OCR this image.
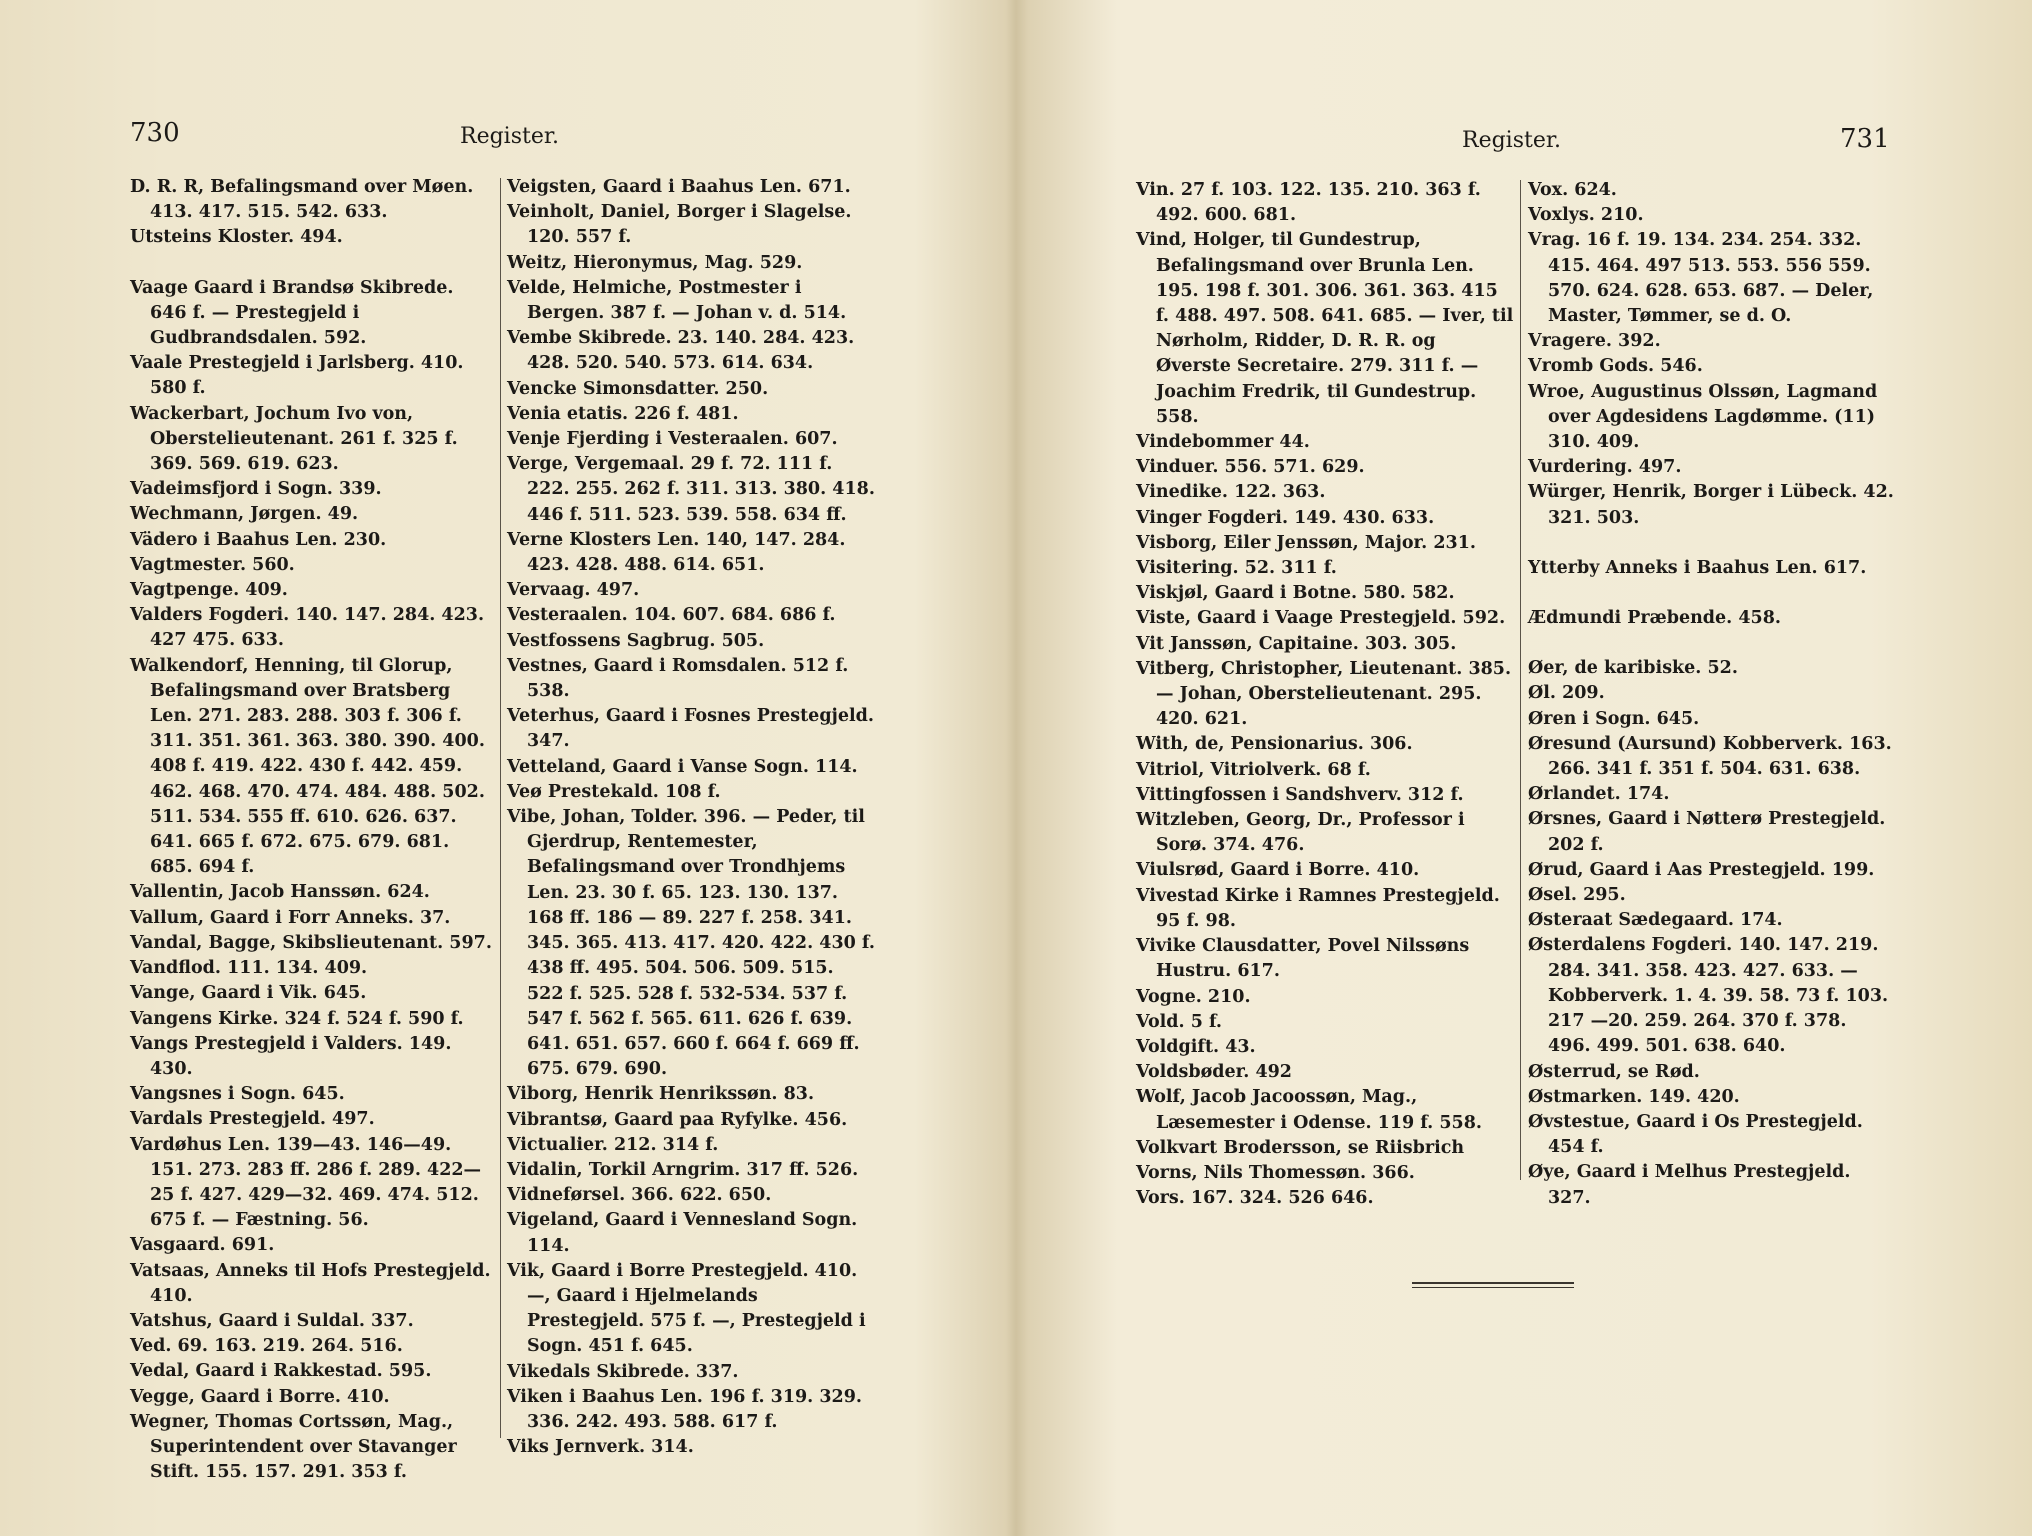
730	Register.
D. R. R, Befalingsmand over Møen. 413. 417. 515. 542. 633.
Utsteins Kloster. 494.
Vaage Gaard i Brandsø Skibrede. 646 f. — Prestegjeld i Gudbrandsdalen. 592.
Vaale Prestegjeld i Jarlsberg. 410. 580 f.
Wackerbart, Jochum Ivo von, Oberstelieutenant. 261 f. 325 f. 369. 569. 619. 623.
Vadeimsfjord i Sogn. 339.
Wechmann, Jørgen. 49.
Vädero i Baahus Len. 230.
Vagtmester. 560.
Vagtpenge. 409.
Valders Fogderi. 140. 147. 284. 423. 427 475. 633.
Walkendorf, Henning, til Glorup, Befalingsmand over Bratsberg Len. 271. 283. 288. 303 f. 306 f. 311. 351. 361. 363. 380. 390. 400. 408 f. 419. 422. 430 f. 442. 459. 462. 468. 470. 474. 484. 488. 502. 511. 534. 555 ff. 610. 626. 637. 641. 665 f. 672. 675. 679. 681. 685. 694 f.
Vallentin, Jacob Hanssøn. 624.
Vallum, Gaard i Forr Anneks. 37.
Vandal, Bagge, Skibslieutenant. 597.
Vandflod. 111. 134. 409.
Vange, Gaard i Vik. 645.
Vangens Kirke. 324 f. 524 f. 590 f.
Vangs Prestegjeld i Valders. 149. 430.
Vangsnes i Sogn. 645.
Vardals Prestegjeld. 497.
Vardøhus Len. 139—43. 146—49. 151. 273. 283 ff. 286 f. 289. 422—25 f. 427. 429—32. 469. 474. 512. 675 f. — Fæstning. 56.
Vasgaard. 691.
Vatsaas, Anneks til Hofs Prestegjeld. 410.
Vatshus, Gaard i Suldal. 337.
Ved. 69. 163. 219. 264. 516.
Vedal, Gaard i Rakkestad. 595.
Vegge, Gaard i Borre. 410.
Wegner, Thomas Cortssøn, Mag., Superintendent over Stavanger Stift. 155. 157. 291. 353 f.
Veigsten, Gaard i Baahus Len. 671.
Veinholt, Daniel, Borger i Slagelse. 120. 557 f.
Weitz, Hieronymus, Mag. 529.
Velde, Helmiche, Postmester i Bergen. 387 f. — Johan v. d. 514.
Vembe Skibrede. 23. 140. 284. 423. 428. 520. 540. 573. 614. 634.
Vencke Simonsdatter. 250.
Venia etatis. 226 f. 481.
Venje Fjerding i Vesteraalen. 607.
Verge, Vergemaal. 29 f. 72. 111 f. 222. 255. 262 f. 311. 313. 380. 418. 446 f. 511. 523. 539. 558. 634 ff.
Verne Klosters Len. 140, 147. 284. 423. 428. 488. 614. 651.
Vervaag. 497.
Vesteraalen. 104. 607. 684. 686 f.
Vestfossens Sagbrug. 505.
Vestnes, Gaard i Romsdalen. 512 f. 538.
Veterhus, Gaard i Fosnes Prestegjeld. 347.
Vetteland, Gaard i Vanse Sogn. 114.
Veø Prestekald. 108 f.
Vibe, Johan, Tolder. 396. — Peder, til Gjerdrup, Rentemester, Befalingsmand over Trondhjems Len. 23. 30 f. 65. 123. 130. 137. 168 ff. 186 — 89. 227 f. 258. 341. 345. 365. 413. 417. 420. 422. 430 f. 438 ff. 495. 504. 506. 509. 515. 522 f. 525. 528 f. 532-534. 537 f. 547 f. 562 f. 565. 611. 626 f. 639. 641. 651. 657. 660 f. 664 f. 669 ff. 675. 679. 690.
Viborg, Henrik Henrikssøn. 83.
Vibrantsø, Gaard paa Ryfylke. 456.
Victualier. 212. 314 f.
Vidalin, Torkil Arngrim. 317 ff. 526.
Vidneførsel. 366. 622. 650.
Vigeland, Gaard i Vennesland Sogn. 114.
Vik, Gaard i Borre Prestegjeld. 410. —, Gaard i Hjelmelands Prestegjeld. 575 f. —, Prestegjeld i Sogn. 451 f. 645.
Vikedals Skibrede. 337.
Viken i Baahus Len. 196 f. 319. 329. 336. 242. 493. 588. 617 f.
Viks Jernverk. 314.
Register.	731
Vin. 27 f. 103. 122. 135. 210. 363 f. 492. 600. 681.
Vind, Holger, til Gundestrup, Befalingsmand over Brunla Len. 195. 198 f. 301. 306. 361. 363. 415 f. 488. 497. 508. 641. 685. — Iver, til Nørholm, Ridder, D. R. R. og Øverste Secretaire. 279. 311 f. — Joachim Fredrik, til Gundestrup. 558.
Vindebommer 44.
Vinduer. 556. 571. 629.
Vinedike. 122. 363.
Vinger Fogderi. 149. 430. 633.
Visborg, Eiler Jenssøn, Major. 231.
Visitering. 52. 311 f.
Viskjøl, Gaard i Botne. 580. 582.
Viste, Gaard i Vaage Prestegjeld. 592.
Vit Janssøn, Capitaine. 303. 305.
Vitberg, Christopher, Lieutenant. 385. — Johan, Oberstelieutenant. 295. 420. 621.
With, de, Pensionarius. 306.
Vitriol, Vitriolverk. 68 f.
Vittingfossen i Sandshverv. 312 f.
Witzleben, Georg, Dr., Professor i Sorø. 374. 476.
Viulsrød, Gaard i Borre. 410.
Vivestad Kirke i Ramnes Prestegjeld. 95 f. 98.
Vivike Clausdatter, Povel Nilssøns Hustru. 617.
Vogne. 210.
Vold. 5 f.
Voldgift. 43.
Voldsbøder. 492
Wolf, Jacob Jacoossøn, Mag., Læsemester i Odense. 119 f. 558.
Volkvart Brodersson, se Riisbrich
Vorns, Nils Thomessøn. 366.
Vors. 167. 324. 526 646.
Vox. 624.
Voxlys. 210.
Vrag. 16 f. 19. 134. 234. 254. 332. 415. 464. 497 513. 553. 556 559. 570. 624. 628. 653. 687. — Deler, Master, Tømmer, se d. O.
Vragere. 392.
Vromb Gods. 546.
Wroe, Augustinus Olssøn, Lagmand over Agdesidens Lagdømme. (11) 310. 409.
Vurdering. 497.
Würger, Henrik, Borger i Lübeck. 42. 321. 503.
Ytterby Anneks i Baahus Len. 617.
Ædmundi Præbende. 458.
Øer, de karibiske. 52.
Øl. 209.
Øren i Sogn. 645.
Øresund (Aursund) Kobberverk. 163. 266. 341 f. 351 f. 504. 631. 638.
Ørlandet. 174.
Ørsnes, Gaard i Nøtterø Prestegjeld. 202 f.
Ørud, Gaard i Aas Prestegjeld. 199.
Øsel. 295.
Østeraat Sædegaard. 174.
Østerdalens Fogderi. 140. 147. 219. 284. 341. 358. 423. 427. 633. — Kobberverk. 1. 4. 39. 58. 73 f. 103. 217 —20. 259. 264. 370 f. 378. 496. 499. 501. 638. 640.
Østerrud, se Rød.
Østmarken. 149. 420.
Øvstestue, Gaard i Os Prestegjeld. 454 f.
Øye, Gaard i Melhus Prestegjeld. 327.
